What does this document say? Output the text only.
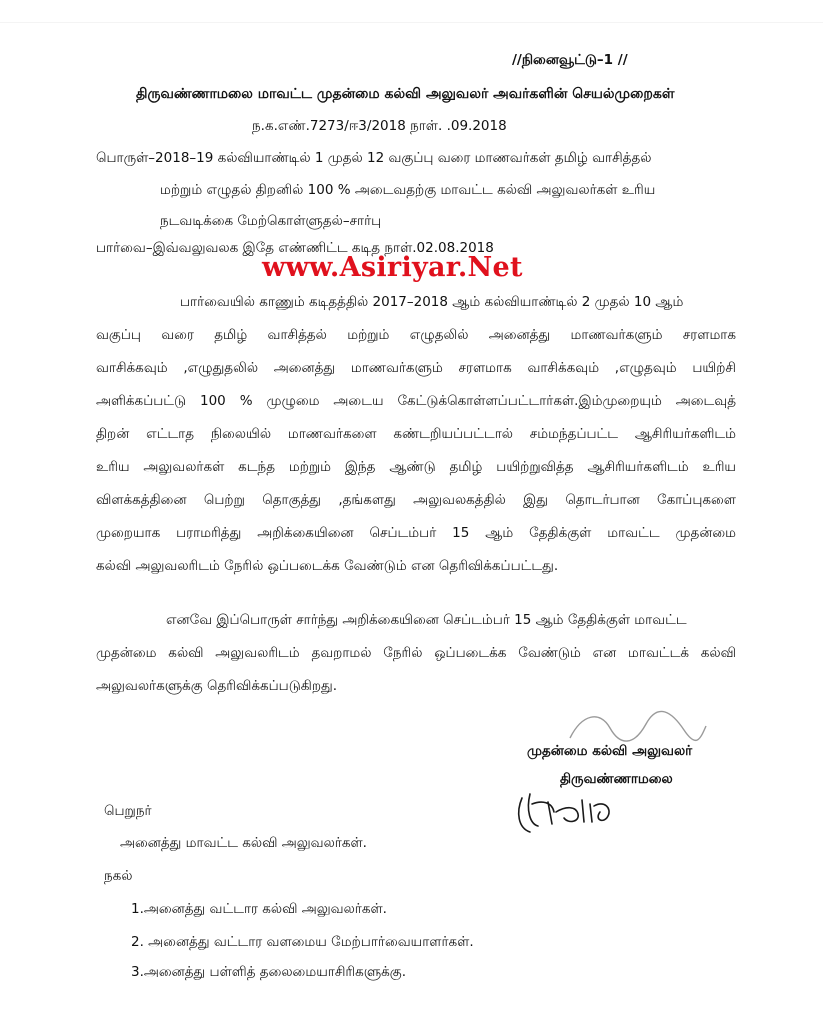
//நினைவூட்டு–1 //
திருவண்ணாமலை மாவட்ட முதன்மை கல்வி அலுவலர் அவர்களின் செயல்முறைகள்
ந.க.எண்.7273/ஈ3/2018 நாள். .09.2018
பொருள்–2018–19 கல்வியாண்டில் 1 முதல் 12 வகுப்பு வரை மாணவர்கள் தமிழ் வாசித்தல்
மற்றும் எழுதல் திறனில் 100 % அடைவதற்கு மாவட்ட கல்வி அலுவலர்கள் உரிய
நடவடிக்கை மேற்கொள்ளுதல்–சார்பு
பார்வை–இவ்வலுவலக இதே எண்ணிட்ட கடித நாள்.02.08.2018
www.Asiriyar.Net
பார்வையில் காணும் கடிதத்தில் 2017–2018 ஆம் கல்வியாண்டில் 2 முதல் 10 ஆம்
வகுப்பு வரை தமிழ் வாசித்தல் மற்றும் எழுதலில் அனைத்து மாணவர்களும் சரளமாக
வாசிக்கவும் ,எழுதுதலில் அனைத்து மாணவர்களும் சரளமாக வாசிக்கவும் ,எழுதவும் பயிற்சி
அளிக்கப்பட்டு 100 % முழுமை அடைய கேட்டுக்கொள்ளப்பட்டார்கள்.இம்முறையும் அடைவுத்
திறன் எட்டாத நிலையில் மாணவர்களை கண்டறியப்பட்டால் சம்மந்தப்பட்ட ஆசிரியர்களிடம்
உரிய அலுவலர்கள் கடந்த மற்றும் இந்த ஆண்டு தமிழ் பயிற்றுவித்த ஆசிரியர்களிடம் உரிய
விளக்கத்தினை பெற்று தொகுத்து ,தங்களது அலுவலகத்தில் இது தொடர்பான கோப்புகளை
முறையாக பராமரித்து அறிக்கையினை செப்டம்பர் 15 ஆம் தேதிக்குள் மாவட்ட முதன்மை
கல்வி அலுவலரிடம் நேரில் ஒப்படைக்க வேண்டும் என தெரிவிக்கப்பட்டது.
எனவே இப்பொருள் சார்ந்து அறிக்கையினை செப்டம்பர் 15 ஆம் தேதிக்குள் மாவட்ட
முதன்மை கல்வி அலுவலரிடம் தவறாமல் நேரில் ஒப்படைக்க வேண்டும் என மாவட்டக் கல்வி
அலுவலர்களுக்கு தெரிவிக்கப்படுகிறது.
முதன்மை கல்வி அலுவலர்
திருவண்ணாமலை
பெறுநர்
அனைத்து மாவட்ட கல்வி அலுவலர்கள்.
நகல்
1.அனைத்து வட்டார கல்வி அலுவலர்கள்.
2. அனைத்து வட்டார வளமைய மேற்பார்வையாளர்கள்.
3.அனைத்து பள்ளித் தலைமையாசிரிகளுக்கு.
